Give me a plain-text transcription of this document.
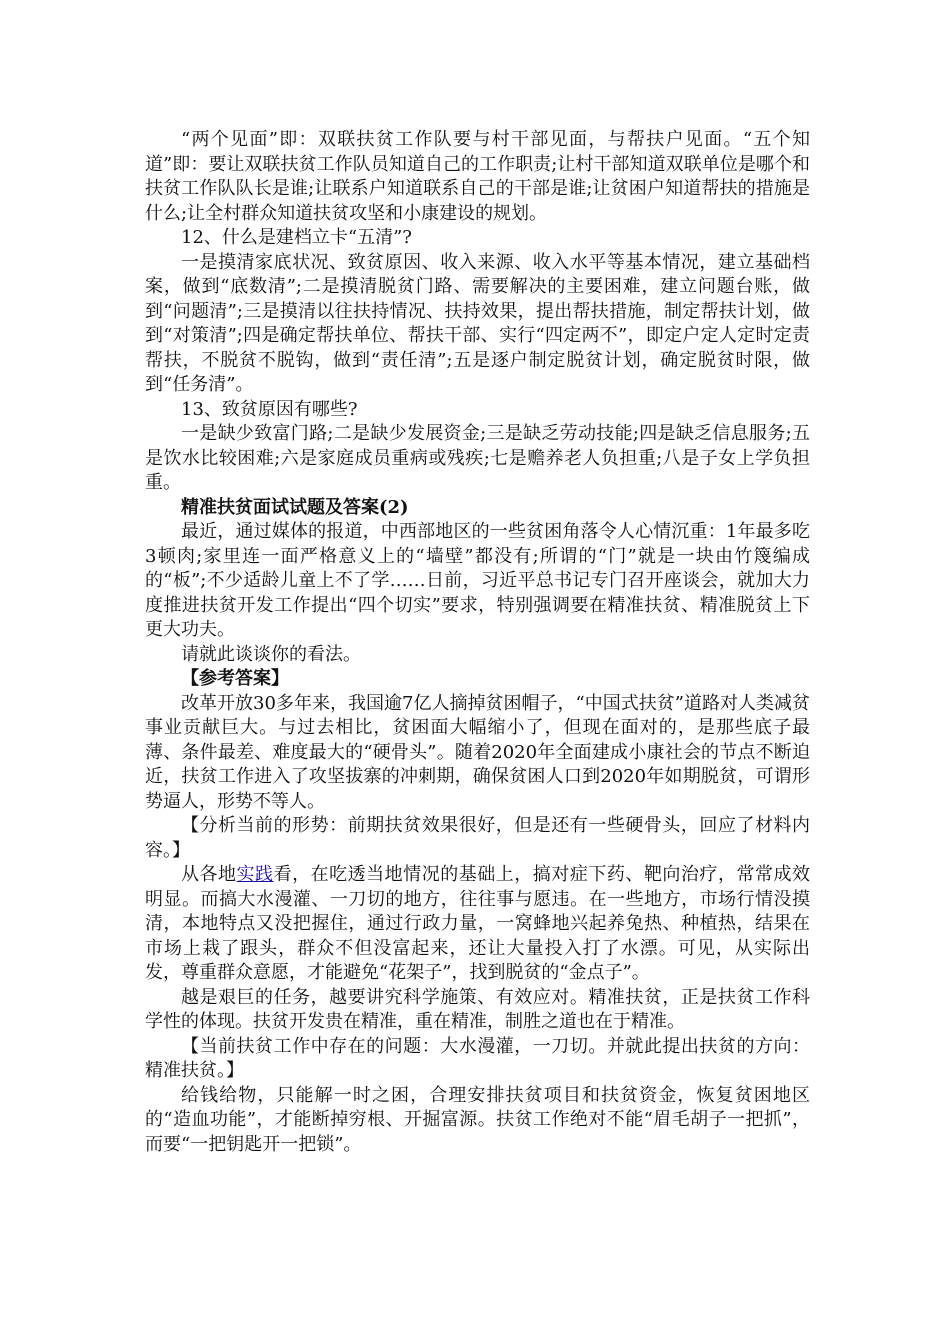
“两个见面”即：双联扶贫工作队要与村干部见面，与帮扶户见面。“五个知道”即：要让双联扶贫工作队员知道自己的工作职责;让村干部知道双联单位是哪个和扶贫工作队队长是谁;让联系户知道联系自己的干部是谁;让贫困户知道帮扶的措施是什么;让全村群众知道扶贫攻坚和小康建设的规划。

12、什么是建档立卡“五清”?

一是摸清家底状况、致贫原因、收入来源、收入水平等基本情况，建立基础档案，做到“底数清”;二是摸清脱贫门路、需要解决的主要困难，建立问题台账，做到“问题清”;三是摸清以往扶持情况、扶持效果，提出帮扶措施，制定帮扶计划，做到“对策清”;四是确定帮扶单位、帮扶干部、实行“四定两不”，即定户定人定时定责帮扶，不脱贫不脱钩，做到“责任清”;五是逐户制定脱贫计划，确定脱贫时限，做到“任务清”。

13、致贫原因有哪些?

一是缺少致富门路;二是缺少发展资金;三是缺乏劳动技能;四是缺乏信息服务;五是饮水比较困难;六是家庭成员重病或残疾;七是赡养老人负担重;八是子女上学负担重。

精准扶贫面试试题及答案(2)

最近，通过媒体的报道，中西部地区的一些贫困角落令人心情沉重：1年最多吃3顿肉;家里连一面严格意义上的“墙壁”都没有;所谓的“门”就是一块由竹篾编成的“板”;不少适龄儿童上不了学……日前，习近平总书记专门召开座谈会，就加大力度推进扶贫开发工作提出“四个切实”要求，特别强调要在精准扶贫、精准脱贫上下更大功夫。

请就此谈谈你的看法。

【参考答案】

改革开放30多年来，我国逾7亿人摘掉贫困帽子，“中国式扶贫”道路对人类减贫事业贡献巨大。与过去相比，贫困面大幅缩小了，但现在面对的，是那些底子最薄、条件最差、难度最大的“硬骨头”。随着2020年全面建成小康社会的节点不断迫近，扶贫工作进入了攻坚拔寨的冲刺期，确保贫困人口到2020年如期脱贫，可谓形势逼人，形势不等人。

【分析当前的形势：前期扶贫效果很好，但是还有一些硬骨头，回应了材料内容。】

从各地实践看，在吃透当地情况的基础上，搞对症下药、靶向治疗，常常成效明显。而搞大水漫灌、一刀切的地方，往往事与愿违。在一些地方，市场行情没摸清，本地特点又没把握住，通过行政力量，一窝蜂地兴起养兔热、种植热，结果在市场上栽了跟头，群众不但没富起来，还让大量投入打了水漂。可见，从实际出发，尊重群众意愿，才能避免“花架子”，找到脱贫的“金点子”。

越是艰巨的任务，越要讲究科学施策、有效应对。精准扶贫，正是扶贫工作科学性的体现。扶贫开发贵在精准，重在精准，制胜之道也在于精准。

【当前扶贫工作中存在的问题：大水漫灌，一刀切。并就此提出扶贫的方向：精准扶贫。】

给钱给物，只能解一时之困，合理安排扶贫项目和扶贫资金，恢复贫困地区的“造血功能”，才能断掉穷根、开掘富源。扶贫工作绝对不能“眉毛胡子一把抓”，而要“一把钥匙开一把锁”。
